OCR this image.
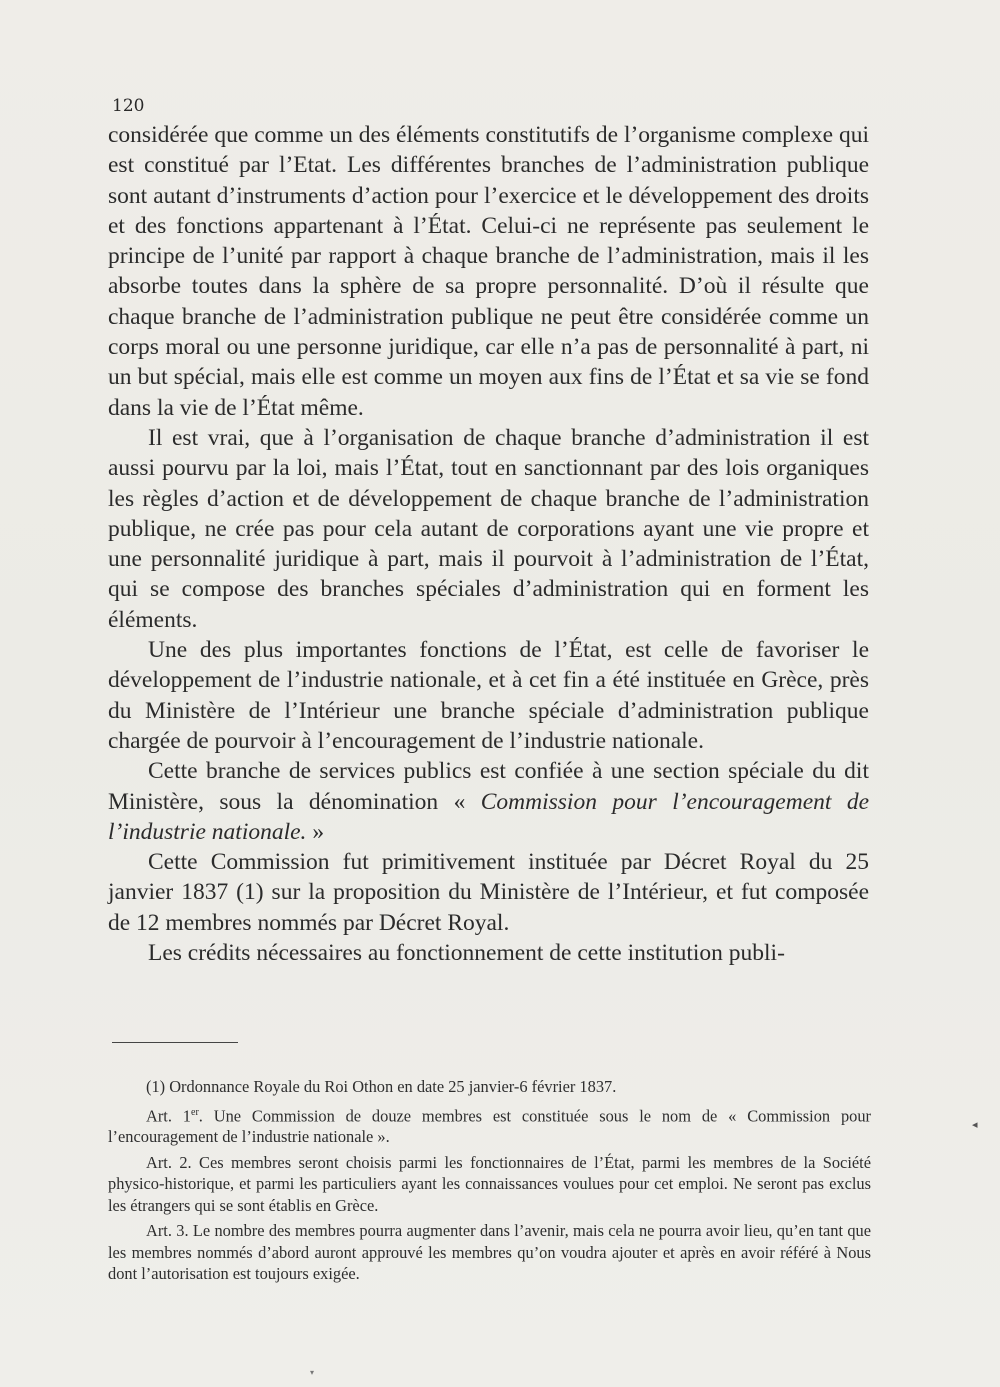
120

considérée que comme un des éléments constitutifs de l’organisme complexe qui est constitué par l’Etat. Les différentes branches de l’administration publique sont autant d’instruments d’action pour l’exercice et le développement des droits et des fonctions appartenant à l’État. Celui-ci ne représente pas seulement le principe de l’unité par rapport à chaque branche de l’administration, mais il les absorbe toutes dans la sphère de sa propre personnalité. D’où il résulte que chaque branche de l’administration publique ne peut être considérée comme un corps moral ou une personne juridique, car elle n’a pas de personnalité à part, ni un but spécial, mais elle est comme un moyen aux fins de l’État et sa vie se fond dans la vie de l’État même.

Il est vrai, que à l’organisation de chaque branche d’administration il est aussi pourvu par la loi, mais l’État, tout en sanctionnant par des lois organiques les règles d’action et de développement de chaque branche de l’administration publique, ne crée pas pour cela autant de corporations ayant une vie propre et une personnalité juridique à part, mais il pourvoit à l’administration de l’État, qui se compose des branches spéciales d’administration qui en forment les éléments.

Une des plus importantes fonctions de l’État, est celle de favoriser le développement de l’industrie nationale, et à cet fin a été instituée en Grèce, près du Ministère de l’Intérieur une branche spéciale d’administration publique chargée de pourvoir à l’encouragement de l’industrie nationale.

Cette branche de services publics est confiée à une section spéciale du dit Ministère, sous la dénomination « Commission pour l’encouragement de l’industrie nationale. »

Cette Commission fut primitivement instituée par Décret Royal du 25 janvier 1837 (1) sur la proposition du Ministère de l’Intérieur, et fut composée de 12 membres nommés par Décret Royal.

Les crédits nécessaires au fonctionnement de cette institution publi-

(1) Ordonnance Royale du Roi Othon en date 25 janvier-6 février 1837.

Art. 1er. Une Commission de douze membres est constituée sous le nom de « Commission pour l’encouragement de l’industrie nationale ».

Art. 2. Ces membres seront choisis parmi les fonctionnaires de l’État, parmi les membres de la Société physico-historique, et parmi les particuliers ayant les connaissances voulues pour cet emploi. Ne seront pas exclus les étrangers qui se sont établis en Grèce.

Art. 3. Le nombre des membres pourra augmenter dans l’avenir, mais cela ne pourra avoir lieu, qu’en tant que les membres nommés d’abord auront approuvé les membres qu’on voudra ajouter et après en avoir référé à Nous dont l’autorisation est toujours exigée.

◂
▾
